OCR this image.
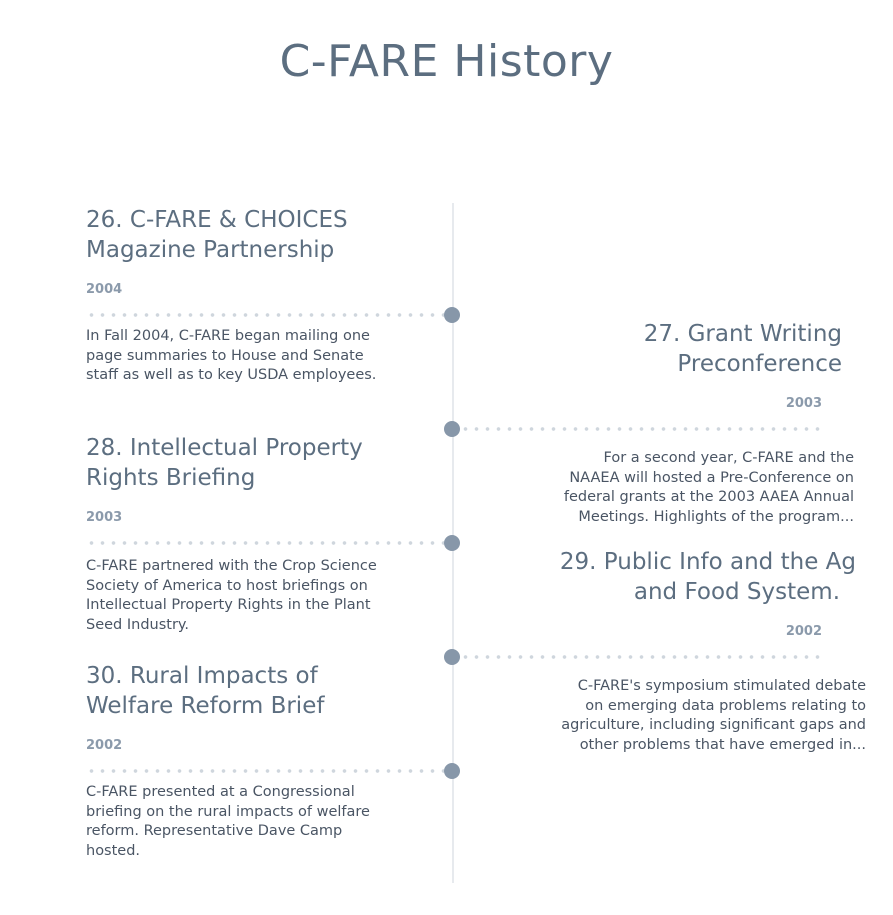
C-FARE History

26. C-FARE & CHOICES
Magazine Partnership

2004

In Fall 2004, C-FARE began mailing one
page summaries to House and Senate
staff as well as to key USDA employees.

27. Grant Writing
Preconference

2003

For a second year, C-FARE and the
NAAEA will hosted a Pre-Conference on
federal grants at the 2003 AAEA Annual
Meetings. Highlights of the program...

28. Intellectual Property
Rights Briefing

2003

C-FARE partnered with the Crop Science
Society of America to host briefings on
Intellectual Property Rights in the Plant
Seed Industry.

29. Public Info and the Ag
and Food System.

2002

C-FARE's symposium stimulated debate
on emerging data problems relating to
agriculture, including significant gaps and
other problems that have emerged in...

30. Rural Impacts of
Welfare Reform Brief

2002

C-FARE presented at a Congressional
briefing on the rural impacts of welfare
reform. Representative Dave Camp
hosted.
